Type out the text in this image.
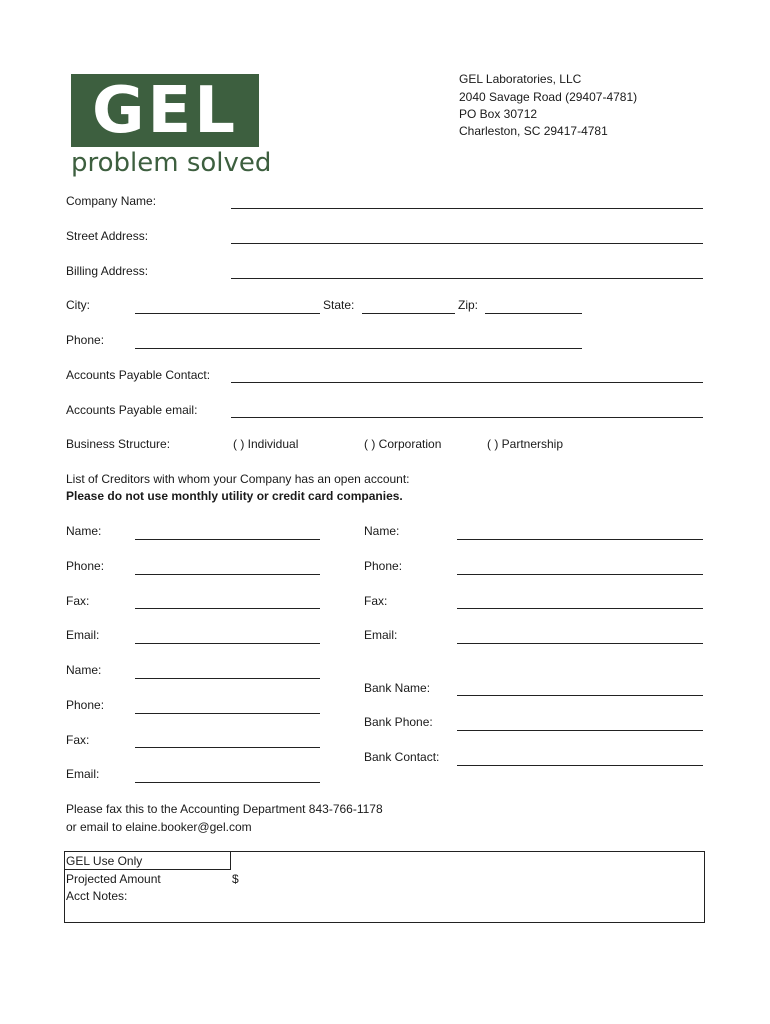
GEL
problem solved
GEL Laboratories, LLC
2040 Savage Road (29407-4781)
PO Box 30712
Charleston, SC 29417-4781
Company Name:
Street Address:
Billing Address:
City:	State:	Zip:
Phone:
Accounts Payable Contact:
Accounts Payable email:
Business Structure:	( ) Individual	( ) Corporation	( ) Partnership
List of Creditors with whom your Company has an open account:
Please do not use monthly utility or credit card companies.
Name:
Phone:
Fax:
Email:
Name:
Phone:
Fax:
Email:
Name:
Phone:
Fax:
Email:
Bank Name:
Bank Phone:
Bank Contact:
Please fax this to the Accounting Department 843-766-1178
or email to elaine.booker@gel.com
GEL Use Only
Projected Amount	$
Acct Notes:
